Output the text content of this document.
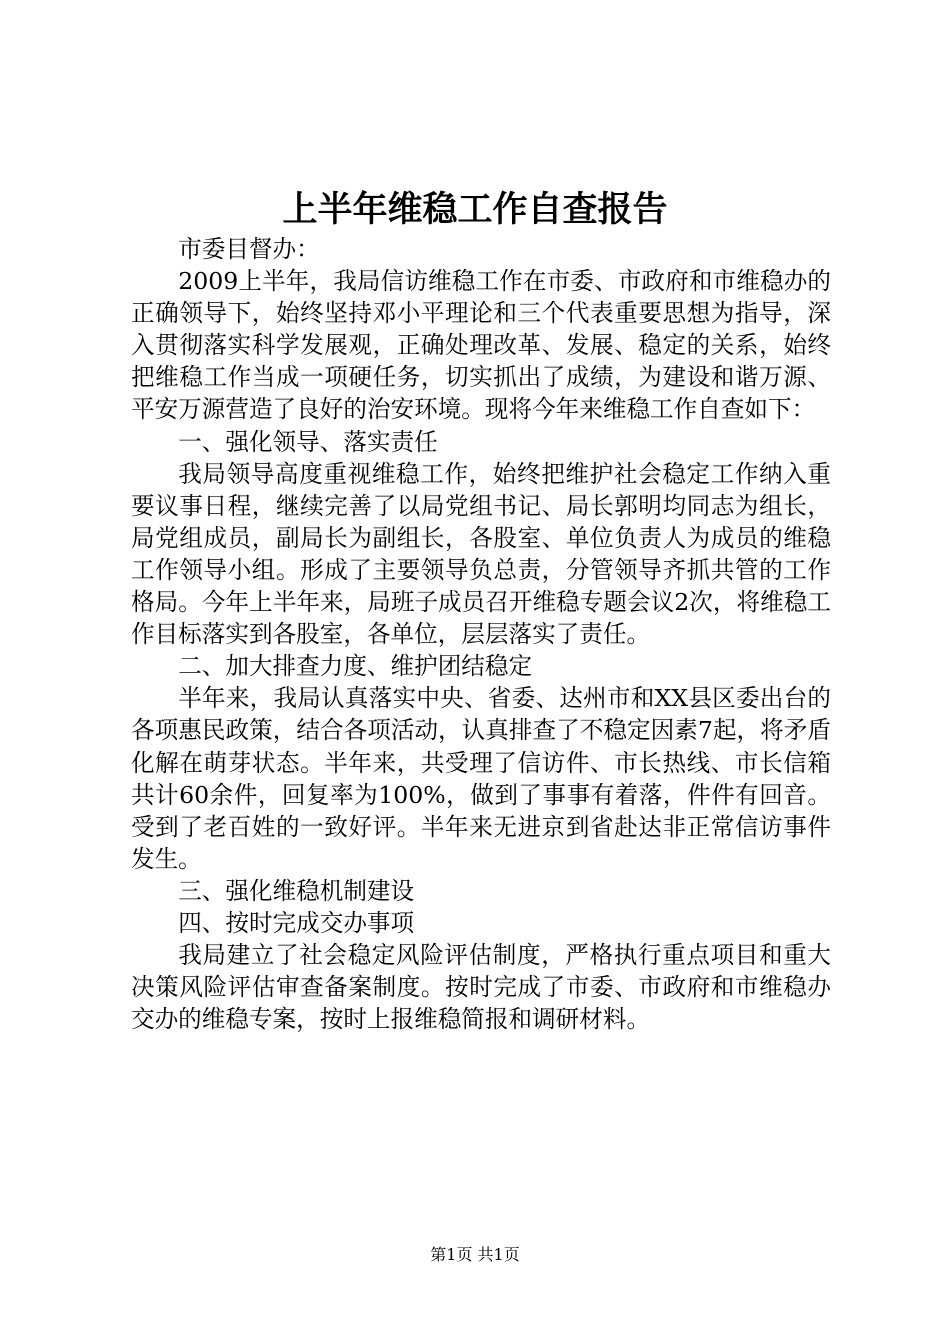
上半年维稳工作自查报告

市委目督办：

2009上半年，我局信访维稳工作在市委、市政府和市维稳办的正确领导下，始终坚持邓小平理论和三个代表重要思想为指导，深入贯彻落实科学发展观，正确处理改革、发展、稳定的关系，始终把维稳工作当成一项硬任务，切实抓出了成绩，为建设和谐万源、平安万源营造了良好的治安环境。现将今年来维稳工作自查如下：

一、强化领导、落实责任

我局领导高度重视维稳工作，始终把维护社会稳定工作纳入重要议事日程，继续完善了以局党组书记、局长郭明均同志为组长，局党组成员，副局长为副组长，各股室、单位负责人为成员的维稳工作领导小组。形成了主要领导负总责，分管领导齐抓共管的工作格局。今年上半年来，局班子成员召开维稳专题会议2次，将维稳工作目标落实到各股室，各单位，层层落实了责任。

二、加大排查力度、维护团结稳定

半年来，我局认真落实中央、省委、达州市和XX县区委出台的各项惠民政策，结合各项活动，认真排查了不稳定因素7起，将矛盾化解在萌芽状态。半年来，共受理了信访件、市长热线、市长信箱共计60余件，回复率为100%，做到了事事有着落，件件有回音。受到了老百姓的一致好评。半年来无进京到省赴达非正常信访事件发生。

三、强化维稳机制建设

四、按时完成交办事项

我局建立了社会稳定风险评估制度，严格执行重点项目和重大决策风险评估审查备案制度。按时完成了市委、市政府和市维稳办交办的维稳专案，按时上报维稳简报和调研材料。

第1页 共1页
